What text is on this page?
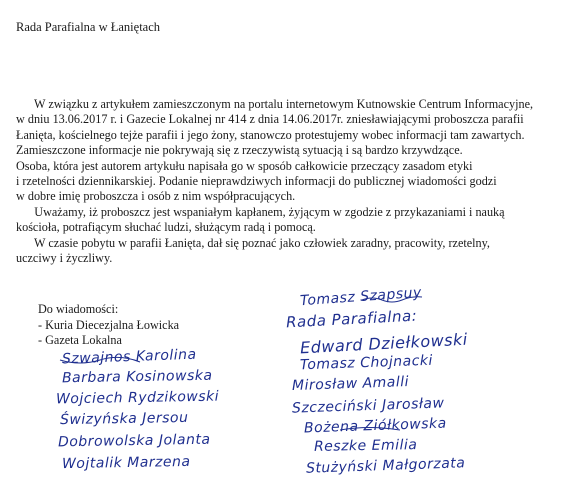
Rada Parafialna w Łaniętach
W związku z artykułem zamieszczonym na portalu internetowym Kutnowskie Centrum Informacyjne,
w dniu 13.06.2017 r. i Gazecie Lokalnej nr 414 z dnia 14.06.2017r. zniesławiającymi proboszcza parafii
Łanięta, kościelnego tejże parafii i jego żony, stanowczo protestujemy wobec informacji tam zawartych.
Zamieszczone informacje nie pokrywają się z rzeczywistą sytuacją i są bardzo krzywdzące.
Osoba, która jest autorem artykułu napisała go w sposób całkowicie przeczący zasadom etyki
i rzetelności dziennikarskiej. Podanie nieprawdziwych informacji do publicznej wiadomości godzi
w dobre imię proboszcza i osób z nim współpracujących.
Uważamy, iż proboszcz jest wspaniałym kapłanem, żyjącym w zgodzie z przykazaniami i nauką
kościoła, potrafiącym słuchać ludzi, służącym radą i pomocą.
W czasie pobytu w parafii Łanięta, dał się poznać jako człowiek zaradny, pracowity, rzetelny,
uczciwy i życzliwy.
Do wiadomości:
- Kuria Diecezjalna Łowicka
- Gazeta Lokalna
Szwajnos Karolina
Barbara Kosinowska
Wojciech Rydzikowski
Świzyńska Jersou
Dobrowolska Jolanta
Wojtalik Marzena
Tomasz Szapsuy
Rada Parafialna:
Edward Dziełkowski
Tomasz Chojnacki
Mirosław Amalli
Szczeciński Jarosław
Bożena Ziółkowska
Reszke Emilia
Stużyński Małgorzata
